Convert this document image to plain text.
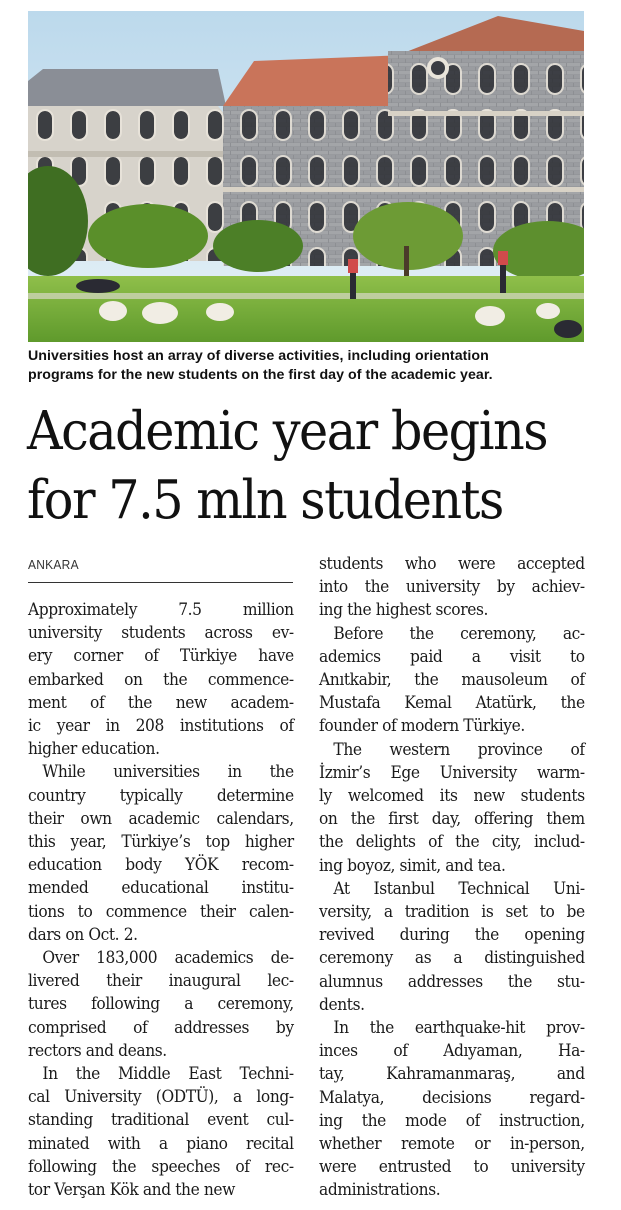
Universities host an array of diverse activities, including orientation
programs for the new students on the first day of the academic year.
Academic year begins
for 7.5 mln students
ANKARA
Approximately 7.5 million
university students across ev-
ery corner of Türkiye have
embarked on the commence-
ment of the new academ-
ic year in 208 institutions of
higher education.
While universities in the
country typically determine
their own academic calendars,
this year, Türkiye’s top higher
education body YÖK recom-
mended educational institu-
tions to commence their calen-
dars on Oct. 2.
Over 183,000 academics de-
livered their inaugural lec-
tures following a ceremony,
comprised of addresses by
rectors and deans.
In the Middle East Techni-
cal University (ODTÜ), a long-
standing traditional event cul-
minated with a piano recital
following the speeches of rec-
tor Verşan Kök and the new
students who were accepted
into the university by achiev-
ing the highest scores.
Before the ceremony, ac-
ademics paid a visit to
Anıtkabir, the mausoleum of
Mustafa Kemal Atatürk, the
founder of modern Türkiye.
The western province of
İzmir’s Ege University warm-
ly welcomed its new students
on the first day, offering them
the delights of the city, includ-
ing boyoz, simit, and tea.
At Istanbul Technical Uni-
versity, a tradition is set to be
revived during the opening
ceremony as a distinguished
alumnus addresses the stu-
dents.
In the earthquake-hit prov-
inces of Adıyaman, Ha-
tay, Kahramanmaraş, and
Malatya, decisions regard-
ing the mode of instruction,
whether remote or in-person,
were entrusted to university
administrations.
